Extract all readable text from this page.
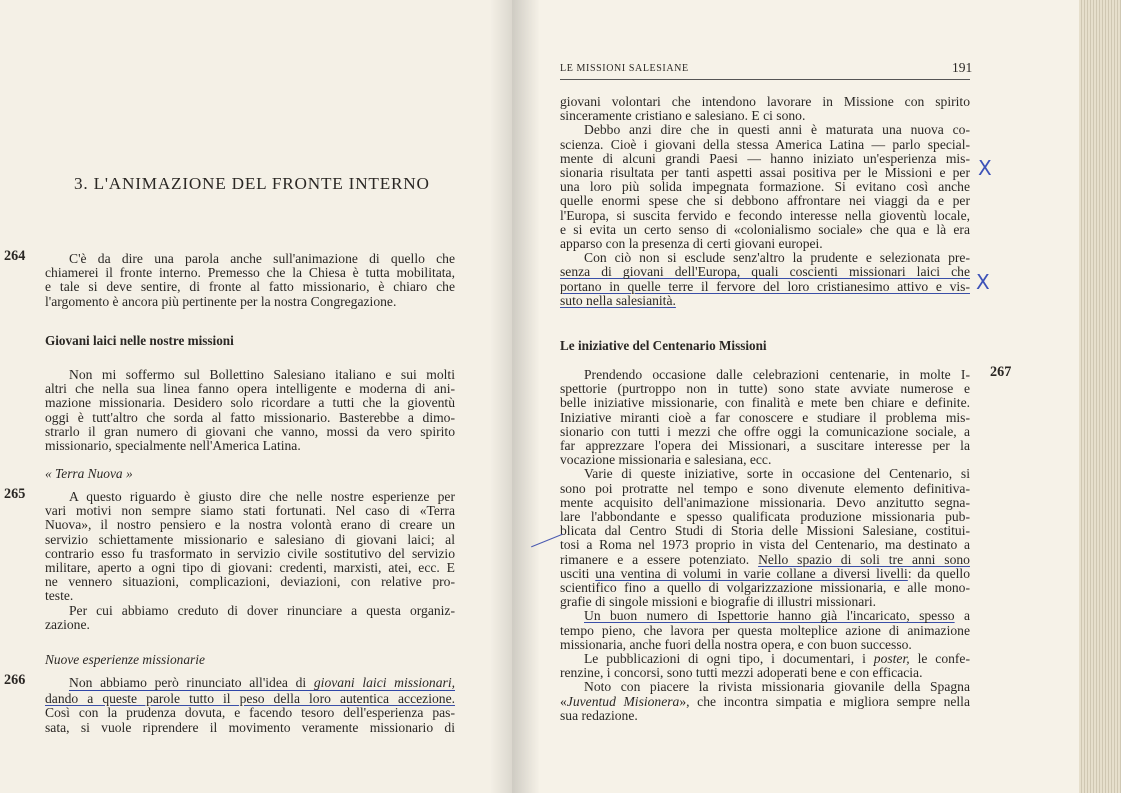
3. L'ANIMAZIONE DEL FRONTE INTERNO
264	C'è da dire una parola anche sull'animazione di quello che

chiamerei il fronte interno. Premesso che la Chiesa è tutta mobilitata,

e tale si deve sentire, di fronte al fatto missionario, è chiaro che

l'argomento è ancora più pertinente per la nostra Congregazione.

Giovani laici nelle nostre missioni

Non mi soffermo sul Bollettino Salesiano italiano e sui molti

altri che nella sua linea fanno opera intelligente e moderna di ani-

mazione missionaria. Desidero solo ricordare a tutti che la gioventù

oggi è tutt'altro che sorda al fatto missionario. Basterebbe a dimo-

strarlo il gran numero di giovani che vanno, mossi da vero spirito

missionario, specialmente nell'America Latina.

« Terra Nuova »

265	A questo riguardo è giusto dire che nelle nostre esperienze per

vari motivi non sempre siamo stati fortunati. Nel caso di «Terra

Nuova», il nostro pensiero e la nostra volontà erano di creare un

servizio schiettamente missionario e salesiano di giovani laici; al

contrario esso fu trasformato in servizio civile sostitutivo del servizio

militare, aperto a ogni tipo di giovani: credenti, marxisti, atei, ecc. E

ne vennero situazioni, complicazioni, deviazioni, con relative pro-

teste.

Per cui abbiamo creduto di dover rinunciare a questa organiz-

zazione.

Nuove esperienze missionarie

266	Non abbiamo però rinunciato all'idea di giovani laici missionari,

dando a queste parole tutto il peso della loro autentica accezione.

Così con la prudenza dovuta, e facendo tesoro dell'esperienza pas-

sata, si vuole riprendere il movimento veramente missionario di

LE MISSIONI SALESIANE	191

giovani volontari che intendono lavorare in Missione con spirito

sinceramente cristiano e salesiano. E ci sono.

Debbo anzi dire che in questi anni è maturata una nuova co-

scienza. Cioè i giovani della stessa America Latina — parlo special-

mente di alcuni grandi Paesi — hanno iniziato un'esperienza mis-

sionaria risultata per tanti aspetti assai positiva per le Missioni e per

una loro più solida impegnata formazione. Si evitano così anche

quelle enormi spese che si debbono affrontare nei viaggi da e per

l'Europa, si suscita fervido e fecondo interesse nella gioventù locale,

e si evita un certo senso di «colonialismo sociale» che qua e là era

apparso con la presenza di certi giovani europei.

Con ciò non si esclude senz'altro la prudente e selezionata pre-

senza di giovani dell'Europa, quali coscienti missionari laici che

portano in quelle terre il fervore del loro cristianesimo attivo e vis-

suto nella salesianità.

X
X
Le iniziative del Centenario Missioni
267

Prendendo occasione dalle celebrazioni centenarie, in molte I-

spettorie (purtroppo non in tutte) sono state avviate numerose e

belle iniziative missionarie, con finalità e mete ben chiare e definite.

Iniziative miranti cioè a far conoscere e studiare il problema mis-

sionario con tutti i mezzi che offre oggi la comunicazione sociale, a

far apprezzare l'opera dei Missionari, a suscitare interesse per la

vocazione missionaria e salesiana, ecc.

Varie di queste iniziative, sorte in occasione del Centenario, si

sono poi protratte nel tempo e sono divenute elemento definitiva-

mente acquisito dell'animazione missionaria. Devo anzitutto segna-

lare l'abbondante e spesso qualificata produzione missionaria pub-

blicata dal Centro Studi di Storia delle Missioni Salesiane, costitui-

tosi a Roma nel 1973 proprio in vista del Centenario, ma destinato a

rimanere e a essere potenziato. Nello spazio di soli tre anni sono

usciti una ventina di volumi in varie collane a diversi livelli: da quello

scientifico fino a quello di volgarizzazione missionaria, e alle mono-

grafie di singole missioni e biografie di illustri missionari.

Un buon numero di Ispettorie hanno già l'incaricato, spesso a

tempo pieno, che lavora per questa molteplice azione di animazione

missionaria, anche fuori della nostra opera, e con buon successo.

Le pubblicazioni di ogni tipo, i documentari, i poster, le confe-

renzine, i concorsi, sono tutti mezzi adoperati bene e con efficacia.

Noto con piacere la rivista missionaria giovanile della Spagna

«Juventud Misionera», che incontra simpatia e migliora sempre nella

sua redazione.
